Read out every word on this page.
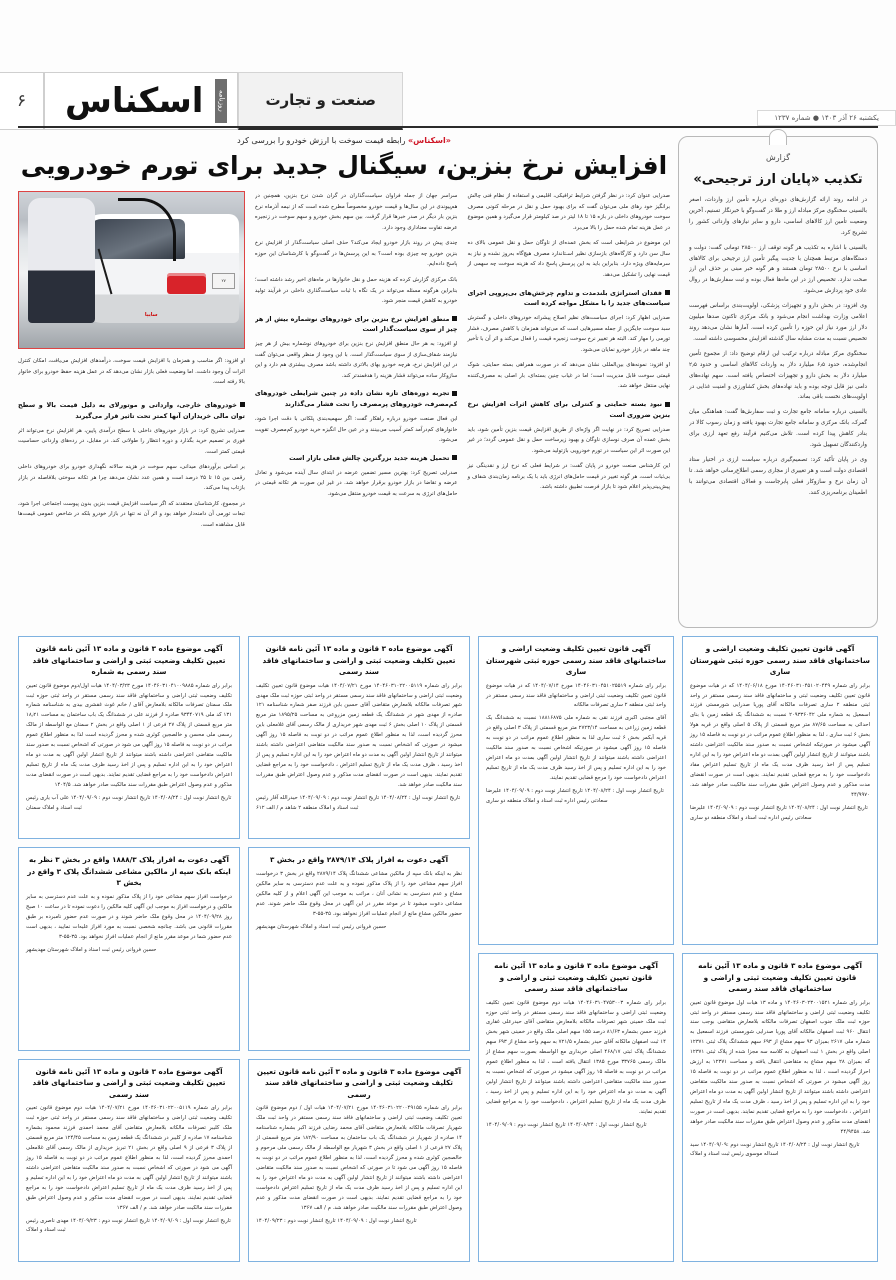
۶	روزنامه
اسکناس	صنعت و تجارت
یکشنبه ۲۶ آذر ۱۴۰۳ ● شماره ۱۲۳۷
گزارش
تکذیب «پایان ارز ترجیحی»

در ادامه روند ارائه گزارش‌های دوره‌ای درباره تأمین ارز واردات، اصغر بالسینی سخنگوی مرکز مبادله ارز و طلا در گفت‌وگو با خبرنگار تسنیم، آخرین وضعیت تأمین ارز کالاهای اساسی، دارو و سایر نیازهای وارداتی کشور را تشریح کرد.

بالسینی با اشاره به تکذیب هر گونه توقف ارز ۲۸۵۰۰ تومانی گفت: دولت و دستگاه‌های مرتبط همچنان با جدیت پیگیر تأمین ارز ترجیحی برای کالاهای اساسی با نرخ ۲۸۵۰۰ تومان هستند و هر گونه خبر مبنی بر حذف این ارز صحت ندارد. تخصیص ارز در این ماه‌ها فعال بوده و ثبت سفارش‌ها در روال عادی خود پردازش می‌شود.

وی افزود: در بخش دارو و تجهیزات پزشکی، اولویت‌بندی براساس فهرست اعلامی وزارت بهداشت انجام می‌شود و بانک مرکزی تاکنون صدها میلیون دلار ارز مورد نیاز این حوزه را تأمین کرده است. آمارها نشان می‌دهد روند تخصیص نسبت به مدت مشابه سال گذشته افزایش محسوسی داشته است.

سخنگوی مرکز مبادله درباره ترکیب این ارقام توضیح داد: از مجموع تأمین انجام‌شده، حدود ۶٫۵ میلیارد دلار به واردات کالاهای اساسی و حدود ۲٫۵ میلیارد دلار به بخش دارو و تجهیزات اختصاص یافته است. سهم نهاده‌های دامی نیز قابل توجه بوده و باید نهاده‌های بخش کشاورزی و امنیت غذایی در اولویت‌های نخست باقی بماند.

بالسینی درباره سامانه جامع تجارت و ثبت سفارش‌ها گفت: هماهنگی میان گمرک، بانک مرکزی و سامانه جامع تجارت بهبود یافته و زمان رسوب کالا در بنادر کاهش پیدا کرده است. تلاش می‌کنیم فرآیند رفع تعهد ارزی برای واردکنندگان تسهیل شود.

وی در پایان تأکید کرد: تصمیم‌گیری درباره سیاست ارزی در اختیار ستاد اقتصادی دولت است و هر تغییری از مجاری رسمی اطلاع‌رسانی خواهد شد. تا آن زمان نرخ و سازوکار فعلی پابرجاست و فعالان اقتصادی می‌توانند با اطمینان برنامه‌ریزی کنند.

«اسکناس» رابطه قیمت سوخت با ارزش خودرو را بررسی کرد
افزایش نرخ بنزین، سیگنال جدید برای تورم خودرویی

صدرایی عنوان کرد: در نظر گرفتن شرایط ترافیکی، اقلیمی و استفاده از نظام فنی چالش برانگیز خود رهای ملی می‌توان گفت که برای بهبود حمل و نقل در مرحله کنونی مصرف سوخت خودروهای داخلی در بازه ۱۵ تا ۱۸ لیتر در صد کیلومتر قرار می‌گیرد و همین موضوع در عمل هزینه تمام شده حمل را بالا می‌برد.

این موضوع در شرایطی است که بخش عمده‌ای از ناوگان حمل و نقل عمومی بالای ده سال سن دارد و کارگاه‌های بازسازی نظیر اسـتاندارد مصرف هیچ‌گاه به‌روز نشده و نیاز به سرمایه‌های ویژه دارد. بنابراین باید به این پرسش پاسخ داد که هزینه سوخت چه سهمی از قیمت نهایی را تشکیل می‌دهد.

فقدان استراتژی بلندمدت و تداوم چرخش‌های بی‌پروپی اجرای سیاست‌های جدید را با مشکل مواجه کرده است

صدرایی اظهار کرد: اجرای سیاست‌های نظیر اصلاح پیشرانه خودروهای داخلی و گسترش سبد سوخت جایگزین از جمله مسیرهایی است که می‌تواند همزمان با کاهش مصرف، فشار تورمی را مهار کند. البته هر تغییر نرخ سوخت زنجیره قیمت را فعال می‌کند و اثر آن با تأخیر چند ماهه در بازار خودرو نمایان می‌شود.

او افزود: نمونه‌های بین‌المللی نشان می‌دهد که در صورت همراهی بسته حمایتی، شوک قیمتی سوخت قابل مدیریت است؛ اما در غیاب چنین بسته‌ای، بار اصلی به مصرف‌کننده نهایی منتقل خواهد شد.

نبود بسته حمایتی و کنترلی برای کاهش اثرات افزایش نرخ بنزین ضروری است

صدرایی تصریح کرد: در نهایت اگر واژه‌ای از طریق افزایش قیمت بنزین تأمین شود، باید بخش عمده آن صرف نوسازی ناوگان و بهبود زیرساخت حمل و نقل عمومی گردد؛ در غیر این صورت اثر این سیاست در تورم خودرویی بازتولید می‌شود.

این کارشناس صنعت خودرو در پایان گفت: در شرایط فعلی که نرخ ارز و نقدینگی نیز بی‌ثبات است، هر گونه تغییر در قیمت حامل‌های انرژی باید با یک برنامه زمان‌بندی شفاف و پیش‌بینی‌پذیر اعلام شود تا بازار فرصت تطبیق داشته باشد.

سراسر جهان از جمله فراوان سیاست‌گذاران در گران شدن نرخ بنزین، همچنین در هم‌پیوندی در این سال‌ها و قیمت خودرو مخصوصاً مطرح شده است که از نیمه آذرماه نرخ بنزین بار دیگر در صدر خبرها قرار گرفت. بین سهم بخش خودرو و سهم سوخت در زنجیره عرضه تفاوت معناداری وجود دارد.

چندی پیش در روند بازار خودرو ایجاد می‌کند؟ حذف اصلی سیاست‌گذار از افزایش نرخ بنزین خودرو چه چیزی بوده است؟ به این پرسش‌ها در گفت‌وگو با کارشناسان این حوزه پاسخ داده‌ایم.

بانک مرکزی گزارش کرده که هزینه حمل و نقل خانوارها در ماه‌های اخیر رشد داشته است؛ بنابراین هرگونه مسئله می‌تواند در یک نگاه با ثبات سیاست‌گذاری داخلی در فرآیند تولید خودرو به کاهش قیمت منجر شود.

منطق افزایش نرخ بنزین برای خودروهای نوشماره بیش از هر چیز از سوی سیاست‌گذار است

او افزود: به هر حال منطق افزایش نرخ بنزین برای خودروهای نوشماره بیش از هر چیز نیازمند شفاف‌سازی از سوی سیاست‌گذار است. با این وجود از منظر واقعی می‌توان گفت در این افزایش نرخ، هرچه خودرو بهای بالاتری داشته باشد مصرف بیشتری هم دارد و این سازوکار ساده می‌تواند فشار هزینه را هدفمندتر کند.

تجربه دوره‌های تازه نشان داده در چنین شرایطی خودروهای کم‌مصرف، خودروهای پرمصرف را تحت فشار می‌گذارند

این فعال صنعت خودرو درباره راهکار گفت: اگر سهمیه‌بندی پلکانی با دقت اجرا شود، خانوارهای کم‌درآمد کمتر آسیب می‌بینند و در عین حال انگیزه خرید خودرو کم‌مصرف تقویت می‌شود.

تحمیل هزینه جدید بزرگترین چالش فعلی بازار است

صدرایی تصریح کرد: بهترین مسیر تضمین عرضه در ابتدای سال آینده می‌شود و تعادل عرضه و تقاضا در بازار خودرو برقرار خواهد شد. در غیر این صورت هر تکانه قیمتی در حامل‌های انرژی به سرعت به قیمت خودرو منتقل می‌شود.

۲۷
سایپا

او افزود: اگر مناسب و همزمان با افزایش قیمت سوخت، درآمد‌های افزایش می‌یافت، امکان کنترل اثرات آن وجود داشت. اما وضعیت فعلی بازار نشان می‌دهد که در عمل هزینه حفظ خودرو برای خانوار بالا رفته است.

خودروهای خارجی، وارداتی و موتورلای به دلیل قیمت بالا و سطح توان مالی خریداران آنها کمتر تحت تاثیر قرار می‌گیرند

صدرایی تشریح کرد: در بازار خودروهای داخلی با سطح درآمدی پایین، هر افزایش نرخ می‌تواند اثر فوری بر تصمیم خرید بگذارد و دوره انتظار را طولانی کند. در مقابل، در رده‌های وارداتی حساسیت قیمتی کمتر است.

بر اساس برآوردهای میدانی، سهم سوخت در هزینه سالانه نگهداری خودرو برای خودروهای داخلی رقمی بین ۱۵ تا ۲۵ درصد است و همین عدد نشان می‌دهد چرا هر تکانه سوختی بلافاصله در بازار بازتاب پیدا می‌کند.

در مجموع، کارشناسان معتقدند که اگر سیاست افزایش قیمت بنزین بدون پیوست اجتماعی اجرا شود، تبعات تورمی آن دامنه‌دار خواهد بود و اثر آن نه تنها در بازار خودرو بلکه در شاخص عمومی قیمت‌ها قابل مشاهده است.

آگهی قانون تعیین تکلیف وضعیت اراضی و ساختمانهای فاقد سند رسمی حوزه ثبتی شهرستان ساری

برابر رای شماره ۱۴۰۴۶۰۳۱۰۴۵۱۰۲۰۴۴۹ مورخ ۱۴۰۴/۰۶/۱۸ که در هیات موضوع قانون تعیین تکلیف وضعیت ثبتی و ساختمانهای فاقد سند رسمی مستقر در واحد ثبتی منطقه ۲ ساری تصرفات مالکانه آقای پوریا صدرایی شورمستی فرزند اسمعیل به شماره ملی ۲۰۹۳۳۶۰۴۲ نسبت به ششدانگ یک قطعه زمین با بنای احداثی به مساحت ۸۷/۶۵ متر مربع قسمتی از پلاک ۵ اصلی واقع در قریه هولا بخش ۶ ثبت ساری ، لذا به منظور اطلاع عموم مراتب در دو نوبت به فاصله ۱۵ روز آگهی میشود در صورتیکه اشخاص نسبت به صدور سند مالکیت اعتراضی داشته باشند میتوانند از تاریخ انتشار اولین آگهی بمدت دو ماه اعتراض خود را به این اداره تسلیم پس از اخذ رسید ظرف مدت یک ماه از تاریخ تسلیم اعتراض مفاد دادخواست خود را به مرجع قضایی تقدیم نمایند. بدیهی است در صورت انقضای مدت مذکور و عدم وصول اعتراض طبق مقررات سند مالکیت صادر خواهد شد. ۴۴/۹۹۷۰

تاریخ انتشار نوبت اول : ۱۴۰۴/۰۸/۲۴ تاریخ انتشار نوبت دوم : ۱۴۰۴/۰۹/۰۹ علیرضا سعادتی رئیس اداره ثبت اسناد و املاک منطقه دو ساری
آگهی موضوع ماده ۳ قانون و ماده ۱۳ آئین نامه قانون تعیین تکلیف وضعیت ثبتی و اراضی و ساختمانهای فاقد سند رسمی

برابر رای شماره ۱۴۰۴۶۰۳۰۲۳۰۰۱۵۲۱ و ماده ۱۳ هیات اول موضوع قانون تعیین تکلیف وضعیت ثبتی اراضی و ساختمانهای فاقد سند رسمی مستقر در واحد ثبتی حوزه ثبت ملک جنوب اصفهان تصرفات مالکانه بلامعارض متقاضی بوجب سند انتقال ۹۶۰ ثبت اصفهان مالکانه آقای پوریا صدرایی شورمستی فرزند اسمعیل به شماره ملی ۲۶۱۷ بمیزان ۹۳ سهم مشاع از ۶۹۳ سهم ششدانگ پلاک ثبتی ۱۲۳۷۱ اصلی واقع در بخش ۱ ثبت اصفهان به کلاسه سه مجزا شده از پلاک ثبتی ۱۲۳۷۱ که بمیزان ۲۸ سهم مشاع به متقاضی انتقال یافته و مساحت ۱۲۳۷۱ به ارزش احراز گردیده است ، لذا به منظور اطلاع عموم مراتب در دو نوبت به فاصله ۱۵ روز آگهی میشود در صورتی که اشخاص نسبت به صدور سند مالکیت متقاضی اعتراضی داشته باشند میتوانند از تاریخ انتشار اولین آگهی به مدت دو ماه اعتراض خود را به این اداره تسلیم و پس از اخذ رسید ، ظرف مدت یک ماه از تاریخ تسلیم اعتراض ، دادخواست خود را به مراجع قضایی تقدیم نمایند. بدیهی است در صورت انقضای مدت مذکور و عدم وصول اعتراض طبق مقررات سند مالکیت صادر خواهد شد. ۴۴/۹۴۵۸

تاریخ انتشار نوبت اول : ۱۴۰۴/۰۸/۲۴ تاریخ انتشار نوبت دوم :۱۴۰۴/۰۹/۰۹ سید اسداله موسوی رئیس ثبت اسناد و املاک
آگهی قانون تعیین تکلیف وضعیت اراضی و ساختمانهای فاقد سند رسمی حوزه ثبتی شهرستان ساری

برابر رای شماره ۱۴۰۴۶۰۳۱۰۴۵۱۰۲۵۵۱۹ مورخ ۱۴۰۴/۰۷/۱۴ که در هیات موضوع قانون تعیین تکلیف وضعیت ثبتی اراضی و ساختمانهای فاقد سند رسمی مستقر در واحد ثبتی منطقه ۲ ساری تصرفات مالکانه

آقای مجتبی اکبری فرزند نقی به شماره ملی ۱۸۸۱۶۸۷۵ نسبت به ششدانگ یک قطعه زمین زراعی به مساحت ۲۷۲۳/۱۴ متر مربع قسمتی از پلاک ۳ اصلی واقع در قریه آبکمر بخش ۶ ثبت ساری لذا به منظور اطلاع عموم مراتب در دو نوبت به فاصله ۱۵ روز آگهی میشود در صورتیکه اشخاص نسبت به صدور سند مالکیت اعتراضی داشته باشند میتوانند از تاریخ انتشار اولین آگهی بمدت دو ماه اعتراض خود را به این اداره تسلیم و پس از اخذ رسید ظرف مدت یک ماه از تاریخ تسلیم اعتراض دادخواست خود را مرجع قضایی تقدیم نمایند.

تاریخ انتشار نوبت اول : ۱۴۰۴/۰۸/۲۴ تاریخ انتشار نوبت دوم : ۱۴۰۴/۰۹/۰۹ علیرضا سعادتی رئیس اداره ثبت اسناد و املاک منطقه دو ساری
آگهی موضوع ماده ۳ قانون و ماده ۱۳ آئین نامه قانون تعیین تکلیف وضعیت ثبتی و اراضی و ساختمانهای فاقد سند رسمی

برابر رای شماره ۱۴۰۴۶۰۳۱۰۴۷۵۳۰۰۳ هیات دوم موضوع قانون تعیین تکلیف وضعیت ثبتی اراضی و ساختمانهای فاقد سند رسمی مستقر در واحد ثبتی حوزه ثبت ملک خمینی شهر تصرفات مالکانه بلامعارض متقاضی آقای حیدرعلی غفاری فرزند حسن بشماره ۸۱/۶۳ درصد ۱۵۵ سهم اصلی ملک واقع در خمینی شهر بخش ۱۴ ثبت اصفهان مالکانه آقای حیدر بشماره ۷۲۱/۵ به سهم واحد مشاع از ۶۹۳ سهم ششدانگ پلاک ثبتی ۴۶۸/۱۷ اصلی خریداری مع الواسطه بصورت سهم مشاع از مالک رسمی ۳۳۷۶۵ مورخ ۱۳۸۵ انتقال یافته است ، لذا به منظور اطلاع عموم مراتب در دو نوبت به فاصله ۱۵ روز آگهی میشود در صورتی که اشخاص نسبت به صدور سند مالکیت متقاضی اعتراضی داشته باشند میتوانند از تاریخ انتشار اولین آگهی به مدت دو ماه اعتراض خود را به این اداره تسلیم و پس از اخذ رسید ، ظرف مدت یک ماه از تاریخ تسلیم اعتراض ، دادخواست خود را به مراجع قضایی تقدیم نمایند.

تاریخ انتشار نوبت اول : ۱۴۰۴/۰۸/۲۴ تاریخ انتشار نوبت دوم : ۱۴۰۴/۰۹/۰۹
آگهی موضوع ماده ۳ قانون و ماده ۱۳ آئین نامه قانون تعیین تکلیف وضعیت ثبتی و اراضی و ساختمانهای فاقد سند رسمی

برابر رای شماره ۱۴۰۴۶۰۳۱۰۲۲۰۰۵۱۱۹ مورخ ۱۴۰۴/۰۷/۲۱ هیات موضوع قانون تعیین تکلیف وضعیت ثبتی اراضی و ساختمانهای فاقد سند رسمی مستقر در واحد ثبتی حوزه ثبت ملک مهدی شهر تصرفات مالکانه بلامعارض متقاضی آقای حسین باین فرزند صفر شماره شناسنامه ۱۲۱ صادره از مهدی شهر در ششدانگ یک قطعه زمین مزروعی به مساحت ۱۸۹۵/۲۵ متر مربع قسمتی از پلاک ۱۰ اصلی بخش ۶ ثبت مهدی شهر خریداری از مالک رسمی آقای غلامعلی باین محرز گردیده است، لذا به منظور اطلاع عموم مراتب در دو نوبت به فاصله ۱۵ روز آگهی میشود در صورتی که اشخاص نسبت به صدور سند مالکیت متقاضی اعتراضی داشته باشند میتوانند از تاریخ انتشار اولین آگهی به مدت دو ماه اعتراض خود را به این اداره تسلیم و پس از اخذ رسید ، ظرف مدت یک ماه از تاریخ تسلیم اعتراض ، دادخواست خود را به مراجع قضایی تقدیم نمایند. بدیهی است در صورت انقضای مدت مذکور و عدم وصول اعتراض طبق مقررات سند مالکیت صادر خواهد شد.

تاریخ انتشار نوبت اول : ۱۴۰۴/۰۸/۲۴ تاریخ انتشار نوبت دوم : ۱۴۰۴/۰۹/۰۹ حیدرالله آقار رئیس ثبت اسناد و املاک منطقه ۲ شاهد م / الف ۶۱۲
آگهی دعوت به افراز پلاک ۲۸۷۹/۱۴ واقع در بخش ۳

نظر به اینکه بانک سپه از مالکین مشاعی ششدانگ پلاک ۲۸۷۹/۱۴ واقع در بخش ۳ درخواست افراز سهم مشاعی خود را از پلاک مذکور نموده و به علت عدم دسترسی به سایر مالکین مشاع و عدم دسترسی به نشانی آنان ، مراتب به موجب این آگهی اعلام و از کلیه مالکین مشاعی دعوت میشود تا در موعد مقرر در این آگهی در محل وقوع ملک حاضر شوند. عدم حضور مالکین مشاع مانع از انجام عملیات افراز نخواهد بود. ۳۵-۵۵-۳

حسین فروانی رئیس ثبت اسناد و املاک شهرستان مهدیشهر
آگهی موضوع ماده ۳ قانون و ماده ۳ آئین نامه قانون تعیین تکلیف وضعیت ثبتی و اراضی و ساختمانهای فاقد سند رسمی

برابر رای شماره ۱۴۰۴۶۰۳۱۰۲۲۰۰۴۹۱۵۵ مورخ ۱۴۰۴/۰۷/۲۱ هیات اول / دوم موضوع قانون تعیین تکلیف وضعیت ثبتی اراضی و ساختمانهای فاقد سند رسمی مستقر در واحد ثبت ملک شهریار تصرفات مالکانه بلامعارض متقاضی آقای محمد رضایی فرزند اکبر بشماره شناسنامه ۱۴ صادره از شهریار در ششدانگ یک باب ساختمان به مساحت ۱۸۲/۹۰ متر مربع قسمتی از پلاک ۲۷ فرعی از ۱ اصلی واقع در بخش ۳ شهریار مع الواسطه از مالک رسمی ملی مرحوم و خالصجین کوثری شده و محرز گردیده است، لذا به منظور اطلاع عموم مراتب در دو نوبت به فاصله ۱۵ روز آگهی می شود تا در صورتی که اشخاص نسبت به صدور سند مالکیت متقاضی اعتراضی داشته باشند میتوانند از تاریخ انتشار اولین آگهی به مدت دو ماه اعتراض خود را به این اداره تسلیم و پس از اخذ رسید ظرف مدت یک ماه از تاریخ تسلیم اعتراض دادخواست خود را به مراجع قضایی تقدیم نمایند. بدیهی است در صورت انقضای مدت مذکور و عدم وصول اعتراض طبق مقررات سند مالکیت صادر خواهد شد. م / الف ۱۳۶۷

تاریخ انتشار نوبت اول : ۱۴۰۴/۰۹/۰۹ تاریخ انتشار نوبت دوم : ۱۴۰۴/۰۹/۲۳
آگهی موضوع ماده ۳ قانون و ماده ۱۳ آئین نامه قانون تعیین تکلیف وضعیت ثبتی و اراضی و ساختمانهای فاقد سند رسمی به شماره

برابر رای شماره ۱۴۰۴۶۰۳۱۰۴۱۰۰۹۸۸۵ مورخ ۱۴۰۴/۰۳/۲۳ هیات اول/دوم موضوع قانون تعیین تکلیف وضعیت ثبتی اراضی و ساختمانهای فاقد سند رسمی مستقر در واحد ثبتی حوزه ثبت ملک سمنان تصرفات مالکانه بلامعارض آقای / خانم غوث غفشری بیدی به شناسنامه شماره ۱۳۱ کد ملی ۹۳۴۴۰۷۱۹ صادره از فرزند علی در ششدانگ یک باب ساختمان به مساحت ۱۸٫۲۱ متر مربع قسمتی از پلاک ۲۷ فرعی از ۱ اصلی واقع در بخش ۲ سمنان مع الواسطه از مالک رسمی ملی محسن و خالصجین کوثری شده و محرز گردیده است لذا به منظور اطلاع عموم مراتب در دو نوبت به فاصله ۱۵ روز آگهی می شود در صورتی که اشخاص نسبت به صدور سند مالکیت متقاضی اعتراضی داشته باشند میتوانند از تاریخ انتشار اولین آگهی به مدت دو ماه اعتراض خود را به این اداره تسلیم و پس از اخذ رسید ظرف مدت یک ماه از تاریخ تسلیم اعتراض دادخواست خود را به مراجع قضایی تقدیم نمایند. بدیهی است در صورت انقضای مدت مذکور و عدم وصول اعتراض طبق مقررات سند مالکیت صادر خواهد شد. ۱۴۰۴/۵

تاریخ انتشار نوبت اول : ۱۴۰۴/۰۸/۲۴ تاریخ انتشار نوبت دوم : ۱۴۰۴/۰۹/۰۹ علی آب یاری رئیس ثبت اسناد و املاک سمنان
آگهی دعوت به افراز پلاک ۱۸۸۸/۳ واقع در بخش ۳ نظر به اینکه بانک سپه از مالکین مشاعی ششدانگ پلاک ۳ واقع در بخش ۳

درخواست افراز سهم مشاعی خود را از پلاک مذکور نموده و به علت عدم دسترسی به سایر مالکین و درخواست افراز به موجب این آگهی کلیه مالکین را دعوت نموده تا در ساعت ۱۰ صبح روز ۱۴۰۴/۰۹/۲۸ در محل وقوع ملک حاضر شوند و در صورت عدم حضور نامبرده بر طبق مقررات قانونی می باشد. چنانچه شخصی نسبت به مورد افراز علیه‌ات نمایید ، بدیهی است عدم حضور شما در موعد مقرر مانع از انجام عملیات افراز نخواهد بود. ۳۵-۵۵-۳

حسین فروانی رئیس ثبت اسناد و املاک شهرستان مهدیشهر
آگهی موضوع ماده ۳ قانون و ماده ۱۳ آئین نامه قانون تعیین تکلیف وضعیت ثبتی و اراضی و ساختمانهای فاقد سند رسمی

برابر رای شماره ۱۴۰۴۶۰۳۱۰۲۲۰۰۵۱۱۹ مورخ ۱۴۰۴/۰۷/۲۱ هیات دوم موضوع قانون تعیین تکلیف وضعیت ثبتی اراضی و ساختمانهای فاقد سند رسمی مستقر در واحد ثبتی حوزه ثبت ملک کلیبر تصرفات مالکانه بلامعارض متقاضی آقای محمد احمدی فرزند محمود بشماره شناسنامه ۱۷ صادره از کلیبر در ششدانگ یک قطعه زمین به مساحت ۱۲۴/۴۵ متر مربع قسمتی از پلاک ۳ فرعی از ۹ اصلی واقع در بخش ۲۱ تبریز خریداری از مالک رسمی آقای غلامعلی احمدی محرز گردیده است، لذا به منظور اطلاع عموم مراتب در دو نوبت به فاصله ۱۵ روز آگهی می شود در صورتی که اشخاص نسبت به صدور سند مالکیت متقاضی اعتراضی داشته باشند میتوانند از تاریخ انتشار اولین آگهی به مدت دو ماه اعتراض خود را به این اداره تسلیم و پس از اخذ رسید ظرف مدت یک ماه از تاریخ تسلیم اعتراض دادخواست خود را به مراجع قضایی تقدیم نمایند. بدیهی است در صورت انقضای مدت مذکور و عدم وصول اعتراض طبق مقررات سند مالکیت صادر خواهد شد. م / الف ۱۳۶۷

تاریخ انتشار نوبت اول : ۱۴۰۴/۰۹/۰۹ تاریخ انتشار نوبت دوم : ۱۴۰۴/۰۹/۲۳ مهدی ناصری رئیس ثبت اسناد و املاک
